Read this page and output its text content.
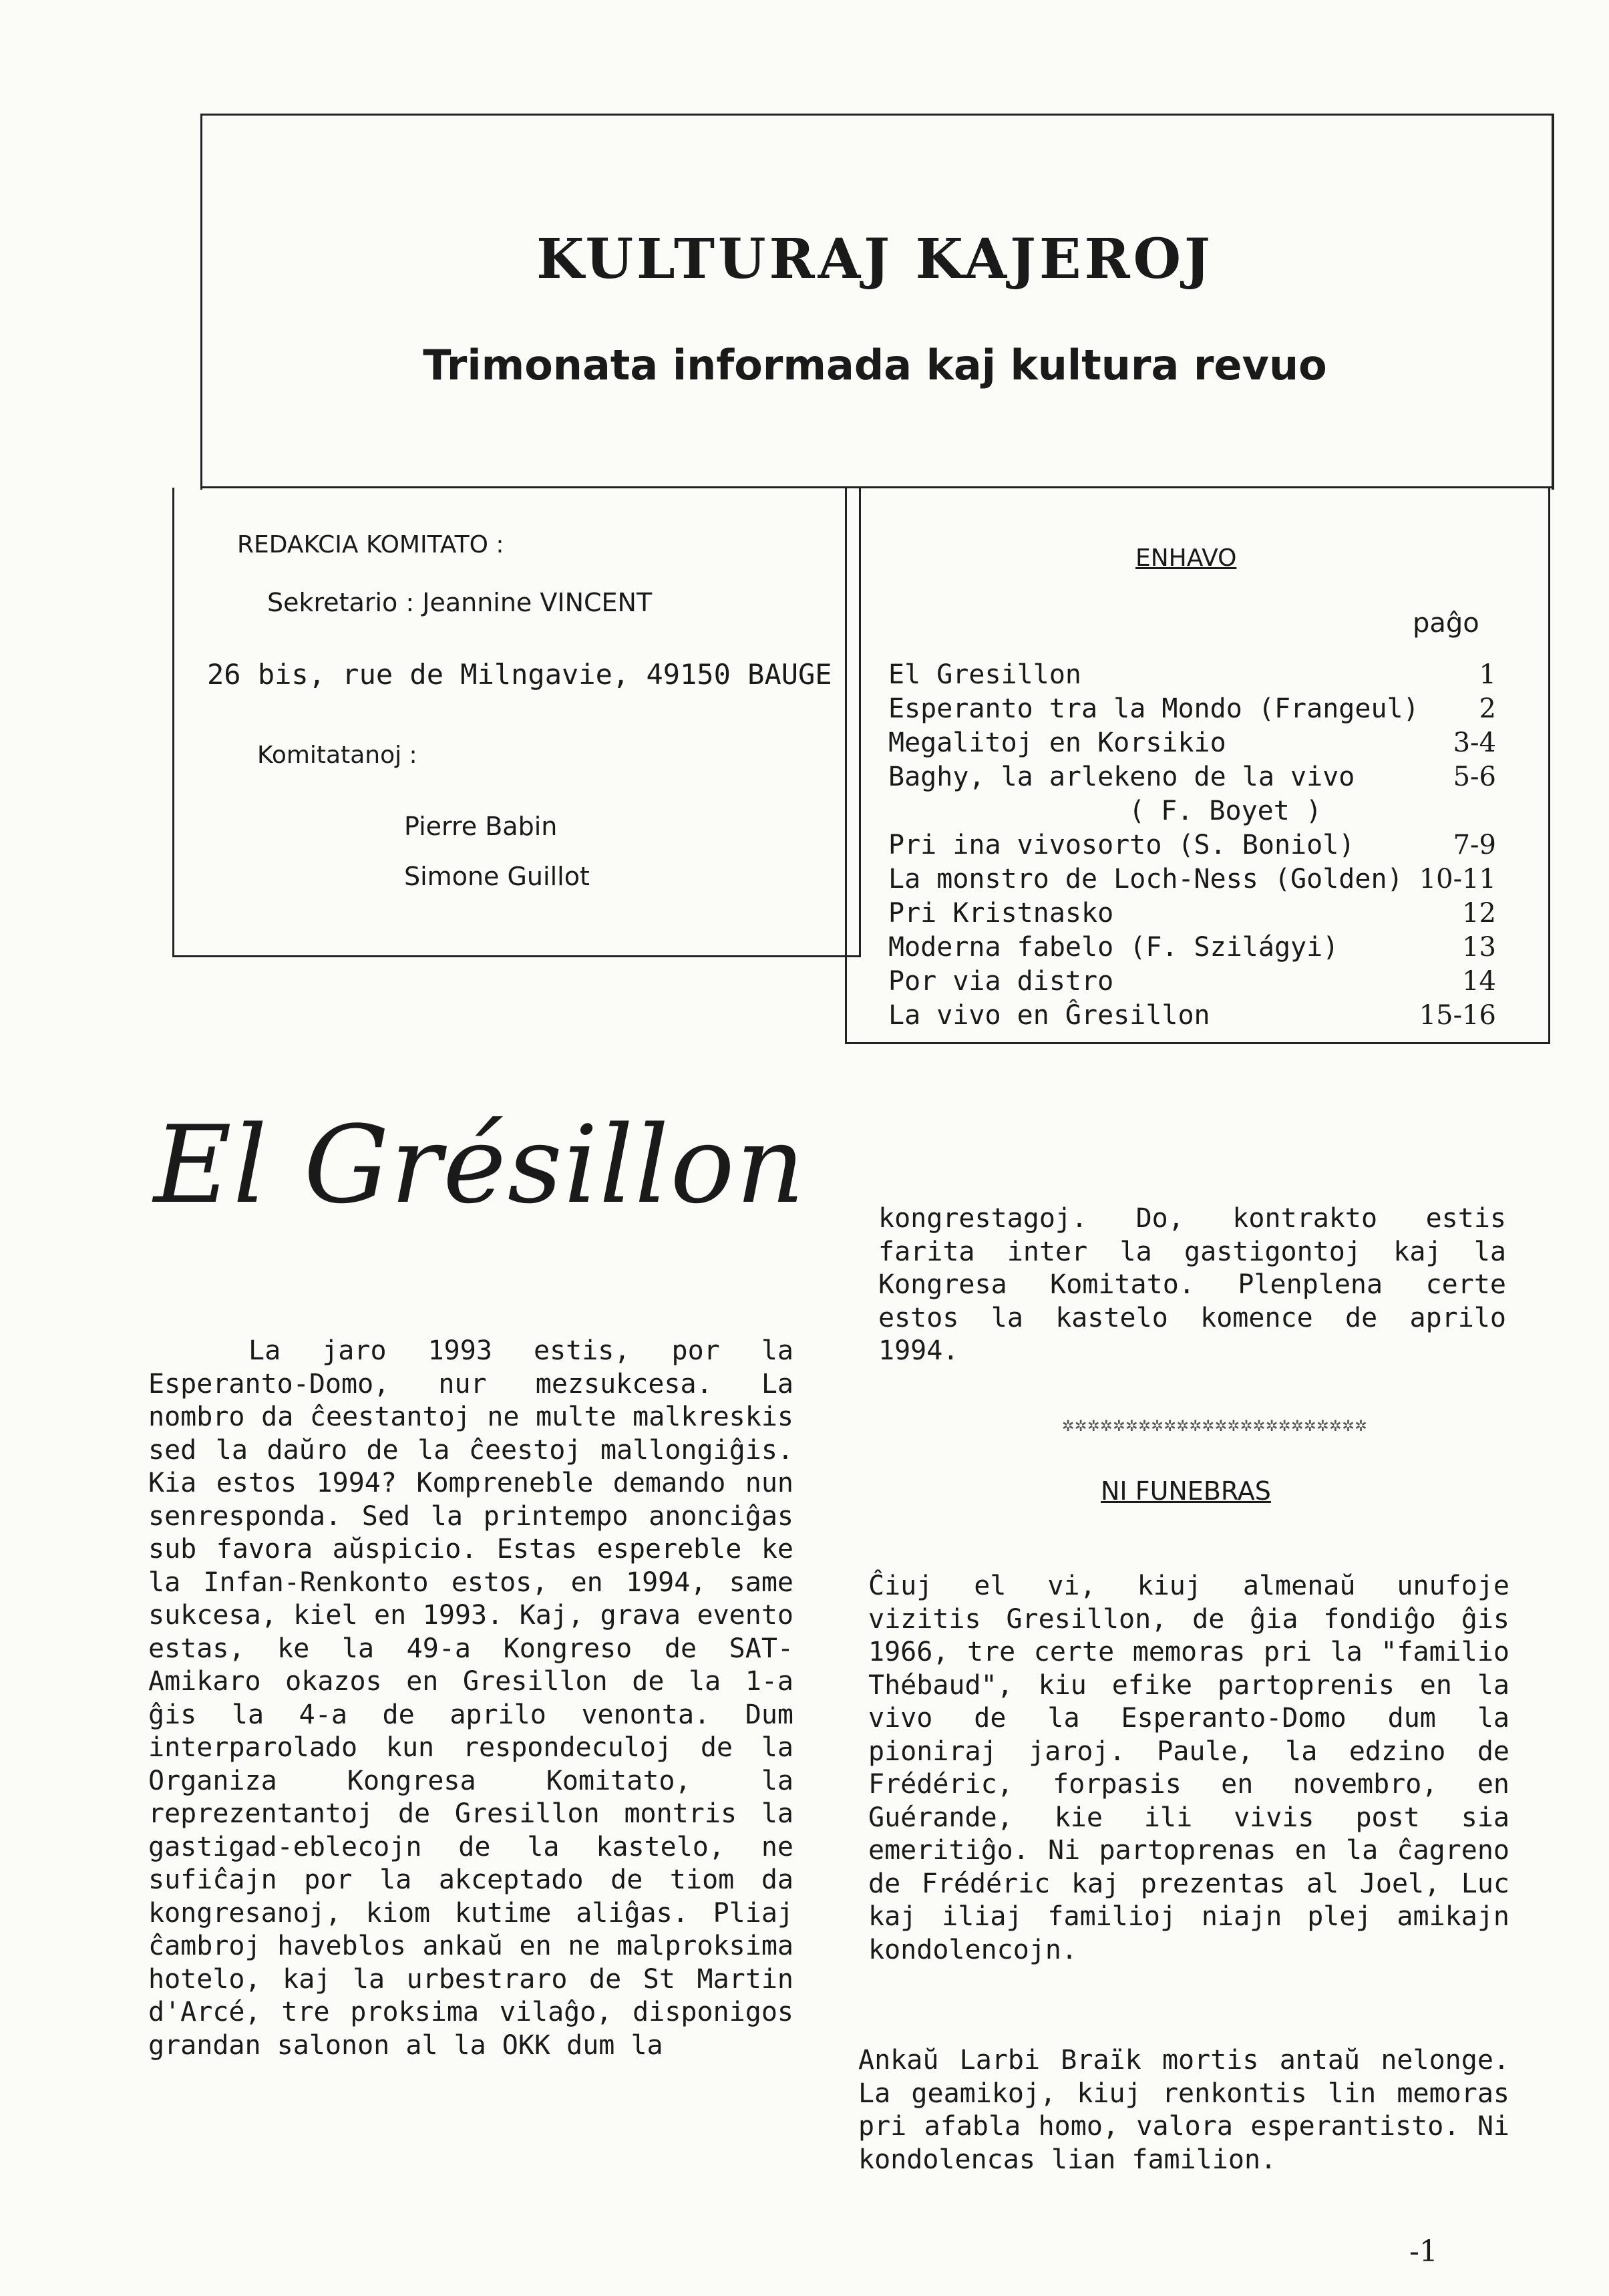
KULTURAJ KAJEROJ
Trimonata informada kaj kultura revuo
REDAKCIA KOMITATO :
Sekretario : Jeannine VINCENT
26 bis, rue de Milngavie, 49150 BAUGE
Komitatanoj :
Pierre Babin
Simone Guillot
ENHAVO
paĝo
El Gresillon	1
Esperanto tra la Mondo (Frangeul) 2
Megalitoj en Korsikio	3-4
Baghy, la arlekeno de la vivo	5-6
( F. Boyet )
Pri ina vivosorto (S. Boniol)	7-9
La monstro de Loch-Ness (Golden) 10-11
Pri Kristnasko	12
Moderna fabelo (F. Szilágyi)	13
Por via distro	14
La vivo en Ĝresillon	15-16
El Grésillon
La jaro 1993 estis, por la Esperanto-Domo, nur mezsukcesa. La nombro da ĉeestantoj ne multe malkreskis sed la daŭro de la ĉeestoj mallongiĝis. Kia estos 1994? Kompreneble demando nun senresponda. Sed la printempo anonciĝas sub favora aŭspicio. Estas espereble ke la Infan-Renkonto estos, en 1994, same sukcesa, kiel en 1993. Kaj, grava evento estas, ke la 49-a Kongreso de SAT-Amikaro okazos en Gresillon de la 1-a ĝis la 4-a de aprilo venonta. Dum interparolado kun respondeculoj de la Organiza Kongresa Komitato, la reprezentantoj de Gresillon montris la gastigad-eblecojn de la kastelo, ne sufiĉajn por la akceptado de tiom da kongresanoj, kiom kutime aliĝas. Pliaj ĉambroj haveblos ankaŭ en ne malproksima hotelo, kaj la urbestraro de St Martin d'Arcé, tre proksima vilaĝo, disponigos grandan salonon al la OKK dum la
kongrestagoj. Do, kontrakto estis farita inter la gastigontoj kaj la Kongresa Komitato. Plenplena certe estos la kastelo komence de aprilo 1994.
✲✲✲✲✲✲✲✲✲✲✲✲✲✲✲✲✲✲✲✲✲✲✲✲
NI FUNEBRAS
Ĉiuj el vi, kiuj almenaŭ unufoje vizitis Gresillon, de ĝia fondiĝo ĝis 1966, tre certe memoras pri la "familio Thébaud", kiu efike partoprenis en la vivo de la Esperanto-Domo dum la pioniraj jaroj. Paule, la edzino de Frédéric, forpasis en novembro, en Guérande, kie ili vivis post sia emeritiĝo. Ni partoprenas en la ĉagreno de Frédéric kaj prezentas al Joel, Luc kaj iliaj familioj niajn plej amikajn kondolencojn.
Ankaŭ Larbi Braïk mortis antaŭ nelonge. La geamikoj, kiuj renkontis lin memoras pri afabla homo, valora esperantisto. Ni kondolencas lian familion.
-1
